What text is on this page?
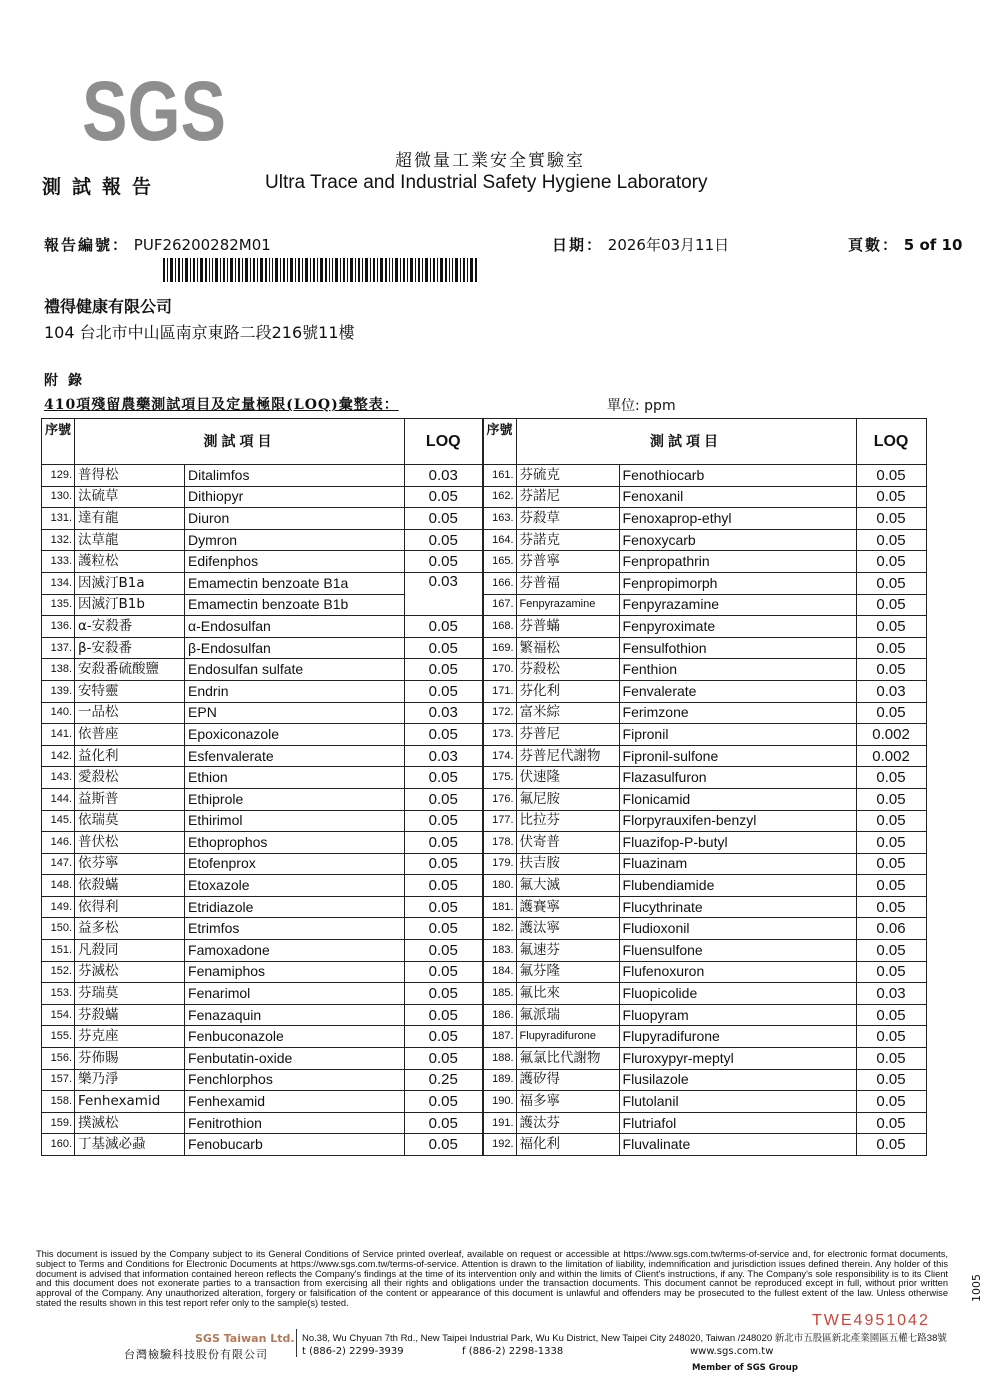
SGS
超微量工業安全實驗室
測試報告	Ultra Trace and Industrial Safety Hygiene Laboratory
報告編號： PUF26200282M01	日期： 2026年03月11日	頁數： 5 of 10
禮得健康有限公司
104 台北市中山區南京東路二段216號11樓
附錄
410項殘留農藥測試項目及定量極限(LOQ)彙整表：	單位: ppm
序號	測試項目		LOQ	序號	測試項目		LOQ
129.	普得松	Ditalimfos	0.03	161.	芬硫克	Fenothiocarb	0.05
130.	汰硫草	Dithiopyr	0.05	162.	芬諾尼	Fenoxanil	0.05
131.	達有龍	Diuron	0.05	163.	芬殺草	Fenoxaprop-ethyl	0.05
132.	汰草龍	Dymron	0.05	164.	芬諾克	Fenoxycarb	0.05
133.	護粒松	Edifenphos	0.05	165.	芬普寧	Fenpropathrin	0.05
134.	因滅汀B1a	Emamectin benzoate B1a	0.03	166.	芬普福	Fenpropimorph	0.05
135.	因滅汀B1b	Emamectin benzoate B1b		167.	Fenpyrazamine	Fenpyrazamine	0.05
136.	α-安殺番	α-Endosulfan	0.05	168.	芬普蟎	Fenpyroximate	0.05
137.	β-安殺番	β-Endosulfan	0.05	169.	繁福松	Fensulfothion	0.05
138.	安殺番硫酸鹽	Endosulfan sulfate	0.05	170.	芬殺松	Fenthion	0.05
139.	安特靈	Endrin	0.05	171.	芬化利	Fenvalerate	0.03
140.	一品松	EPN	0.03	172.	富米綜	Ferimzone	0.05
141.	依普座	Epoxiconazole	0.05	173.	芬普尼	Fipronil	0.002
142.	益化利	Esfenvalerate	0.03	174.	芬普尼代謝物	Fipronil-sulfone	0.002
143.	愛殺松	Ethion	0.05	175.	伏速隆	Flazasulfuron	0.05
144.	益斯普	Ethiprole	0.05	176.	氟尼胺	Flonicamid	0.05
145.	依瑞莫	Ethirimol	0.05	177.	比拉芬	Florpyrauxifen-benzyl	0.05
146.	普伏松	Ethoprophos	0.05	178.	伏寄普	Fluazifop-P-butyl	0.05
147.	依芬寧	Etofenprox	0.05	179.	扶吉胺	Fluazinam	0.05
148.	依殺蟎	Etoxazole	0.05	180.	氟大滅	Flubendiamide	0.05
149.	依得利	Etridiazole	0.05	181.	護賽寧	Flucythrinate	0.05
150.	益多松	Etrimfos	0.05	182.	護汰寧	Fludioxonil	0.06
151.	凡殺同	Famoxadone	0.05	183.	氟速芬	Fluensulfone	0.05
152.	芬滅松	Fenamiphos	0.05	184.	氟芬隆	Flufenoxuron	0.05
153.	芬瑞莫	Fenarimol	0.05	185.	氟比來	Fluopicolide	0.03
154.	芬殺蟎	Fenazaquin	0.05	186.	氟派瑞	Fluopyram	0.05
155.	芬克座	Fenbuconazole	0.05	187.	Flupyradifurone	Flupyradifurone	0.05
156.	芬佈賜	Fenbutatin-oxide	0.05	188.	氟氯比代謝物	Fluroxypyr-meptyl	0.05
157.	樂乃淨	Fenchlorphos	0.25	189.	護矽得	Flusilazole	0.05
158.	Fenhexamid	Fenhexamid	0.05	190.	福多寧	Flutolanil	0.05
159.	撲滅松	Fenitrothion	0.05	191.	護汰芬	Flutriafol	0.05
160.	丁基滅必蝨	Fenobucarb	0.05	192.	福化利	Fluvalinate	0.05
This document is issued by the Company subject to its General Conditions of Service printed overleaf, available on request or accessible at https://www.sgs.com.tw/terms-of-service and, for electronic format documents, subject to Terms and Conditions for Electronic Documents at https://www.sgs.com.tw/terms-of-service. Attention is drawn to the limitation of liability, indemnification and jurisdiction issues defined therein. Any holder of this document is advised that information contained hereon reflects the Company's findings at the time of its intervention only and within the limits of Client's instructions, if any. The Company's sole responsibility is to its Client and this document does not exonerate parties to a transaction from exercising all their rights and obligations under the transaction documents. This document cannot be reproduced except in full, without prior written approval of the Company. Any unauthorized alteration, forgery or falsification of the content or appearance of this document is unlawful and offenders may be prosecuted to the fullest extent of the law. Unless otherwise stated the results shown in this test report refer only to the sample(s) tested.
TWE4951042
SGS Taiwan Ltd.
台灣檢驗科技股份有限公司
No.38, Wu Chyuan 7th Rd., New Taipei Industrial Park, Wu Ku District, New Taipei City 248020, Taiwan /248020 新北市五股區新北產業園區五權七路38號
t (886-2) 2299-3939	f (886-2) 2298-1338	www.sgs.com.tw
Member of SGS Group
1005
